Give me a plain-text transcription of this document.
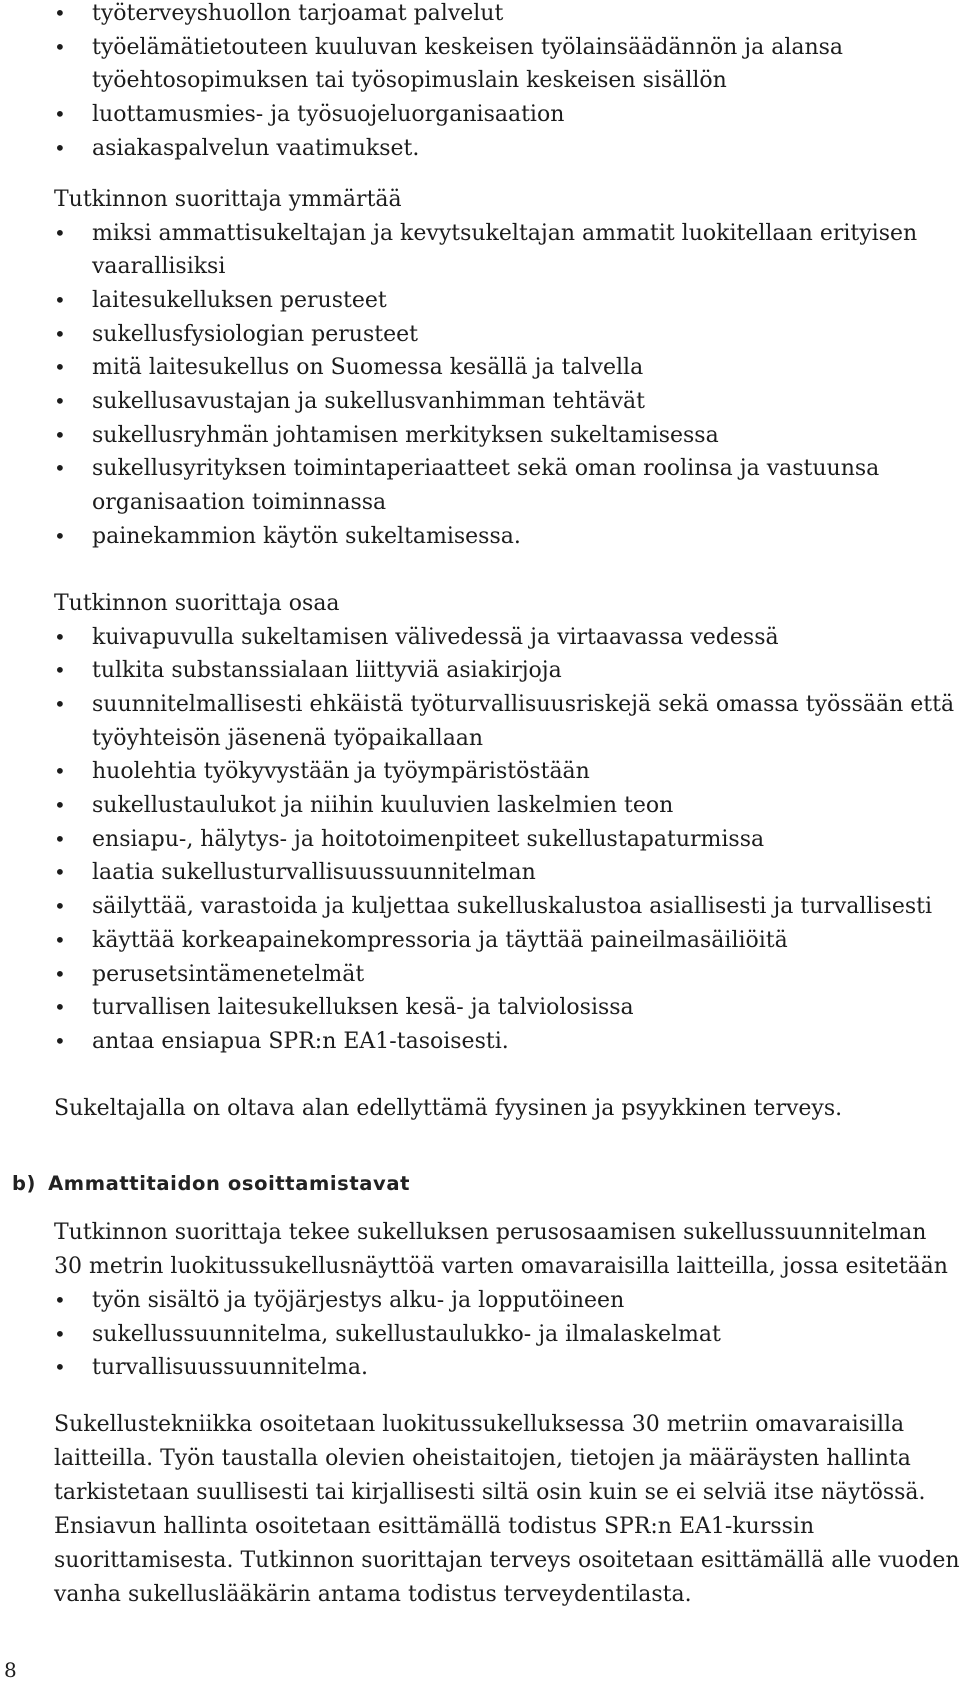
•	työterveyshuollon tarjoamat palvelut
•	työelämätietouteen kuuluvan keskeisen työlainsäädännön ja alansa työehtosopimuksen tai työsopimuslain keskeisen sisällön
•	luottamusmies- ja työsuojeluorganisaation
•	asiakaspalvelun vaatimukset.

Tutkinnon suorittaja ymmärtää

•	miksi ammattisukeltajan ja kevytsukeltajan ammatit luokitellaan erityisen vaarallisiksi
•	laitesukelluksen perusteet
•	sukellusfysiologian perusteet
•	mitä laitesukellus on Suomessa kesällä ja talvella
•	sukellusavustajan ja sukellusvanhimman tehtävät
•	sukellusryhmän johtamisen merkityksen sukeltamisessa
•	sukellusyrityksen toimintaperiaatteet sekä oman roolinsa ja vastuunsa organisaation toiminnassa
•	painekammion käytön sukeltamisessa.

Tutkinnon suorittaja osaa

•	kuivapuvulla sukeltamisen välivedessä ja virtaavassa vedessä
•	tulkita substanssialaan liittyviä asiakirjoja
•	suunnitelmallisesti ehkäistä työturvallisuusriskejä sekä omassa työssään että työyhteisön jäsenenä työpaikallaan
•	huolehtia työkyvystään ja työympäristöstään
•	sukellustaulukot ja niihin kuuluvien laskelmien teon
•	ensiapu-, hälytys- ja hoitotoimenpiteet sukellustapaturmissa
•	laatia sukellusturvallisuussuunnitelman
•	säilyttää, varastoida ja kuljettaa sukelluskalustoa asiallisesti ja turvallisesti
•	käyttää korkeapainekompressoria ja täyttää paineilmasäiliöitä
•	perusetsintämenetelmät
•	turvallisen laitesukelluksen kesä- ja talviolosissa
•	antaa ensiapua SPR:n EA1-tasoisesti.

Sukeltajalla on oltava alan edellyttämä fyysinen ja psyykkinen terveys.

b) Ammattitaidon osoittamistavat

Tutkinnon suorittaja tekee sukelluksen perusosaamisen sukellussuunnitelman 30 metrin luokitussukellusnäyttöä varten omavaraisilla laitteilla, jossa esitetään

•	työn sisältö ja työjärjestys alku- ja lopputöineen
•	sukellussuunnitelma, sukellustaulukko- ja ilmalaskelmat
•	turvallisuussuunnitelma.

Sukellustekniikka osoitetaan luokitussukelluksessa 30 metriin omavaraisilla laitteilla. Työn taustalla olevien oheistaitojen, tietojen ja määräysten hallinta tarkistetaan suullisesti tai kirjallisesti siltä osin kuin se ei selviä itse näytössä. Ensiavun hallinta osoitetaan esittämällä todistus SPR:n EA1-kurssin suorittamisesta. Tutkinnon suorittajan terveys osoitetaan esittämällä alle vuoden vanha sukelluslääkärin antama todistus terveydentilasta.

8
